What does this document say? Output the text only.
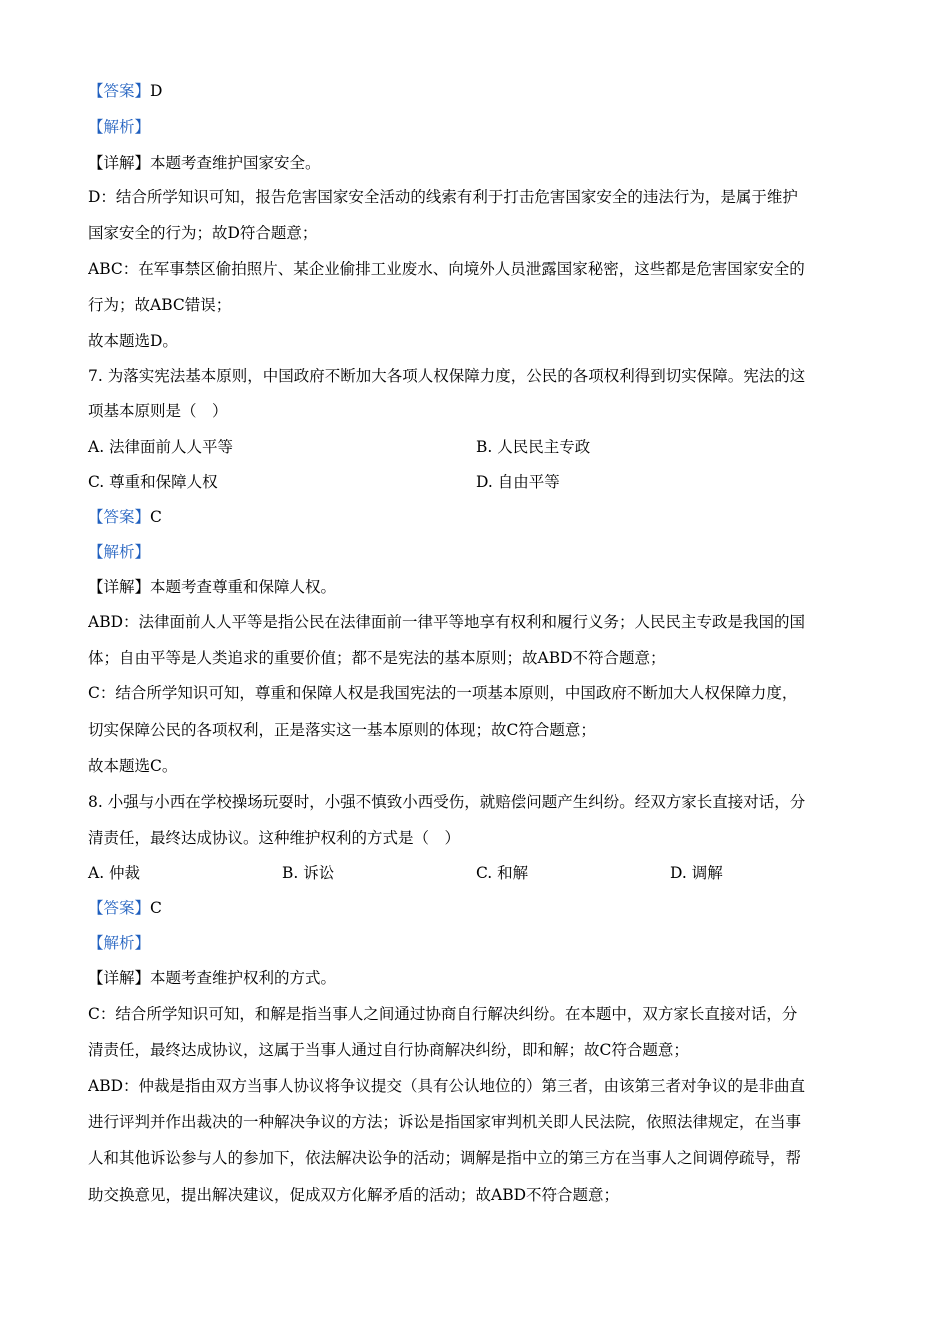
【答案】D
【解析】
【详解】本题考查维护国家安全。
D：结合所学知识可知，报告危害国家安全活动的线索有利于打击危害国家安全的违法行为，是属于维护
国家安全的行为；故D符合题意；
ABC：在军事禁区偷拍照片、某企业偷排工业废水、向境外人员泄露国家秘密，这些都是危害国家安全的
行为；故ABC错误；
故本题选D。
7. 为落实宪法基本原则，中国政府不断加大各项人权保障力度，公民的各项权利得到切实保障。宪法的这
项基本原则是（　）
A. 法律面前人人平等	B. 人民民主专政
C. 尊重和保障人权	D. 自由平等
【答案】C
【解析】
【详解】本题考查尊重和保障人权。
ABD：法律面前人人平等是指公民在法律面前一律平等地享有权利和履行义务；人民民主专政是我国的国
体；自由平等是人类追求的重要价值；都不是宪法的基本原则；故ABD不符合题意；
C：结合所学知识可知，尊重和保障人权是我国宪法的一项基本原则，中国政府不断加大人权保障力度，
切实保障公民的各项权利，正是落实这一基本原则的体现；故C符合题意；
故本题选C。
8. 小强与小西在学校操场玩耍时，小强不慎致小西受伤，就赔偿问题产生纠纷。经双方家长直接对话，分
清责任，最终达成协议。这种维护权利的方式是（　）
A. 仲裁	B. 诉讼	C. 和解	D. 调解
【答案】C
【解析】
【详解】本题考查维护权利的方式。
C：结合所学知识可知，和解是指当事人之间通过协商自行解决纠纷。在本题中，双方家长直接对话，分
清责任，最终达成协议，这属于当事人通过自行协商解决纠纷，即和解；故C符合题意；
ABD：仲裁是指由双方当事人协议将争议提交（具有公认地位的）第三者，由该第三者对争议的是非曲直
进行评判并作出裁决的一种解决争议的方法；诉讼是指国家审判机关即人民法院，依照法律规定，在当事
人和其他诉讼参与人的参加下，依法解决讼争的活动；调解是指中立的第三方在当事人之间调停疏导，帮
助交换意见，提出解决建议，促成双方化解矛盾的活动；故ABD不符合题意；
